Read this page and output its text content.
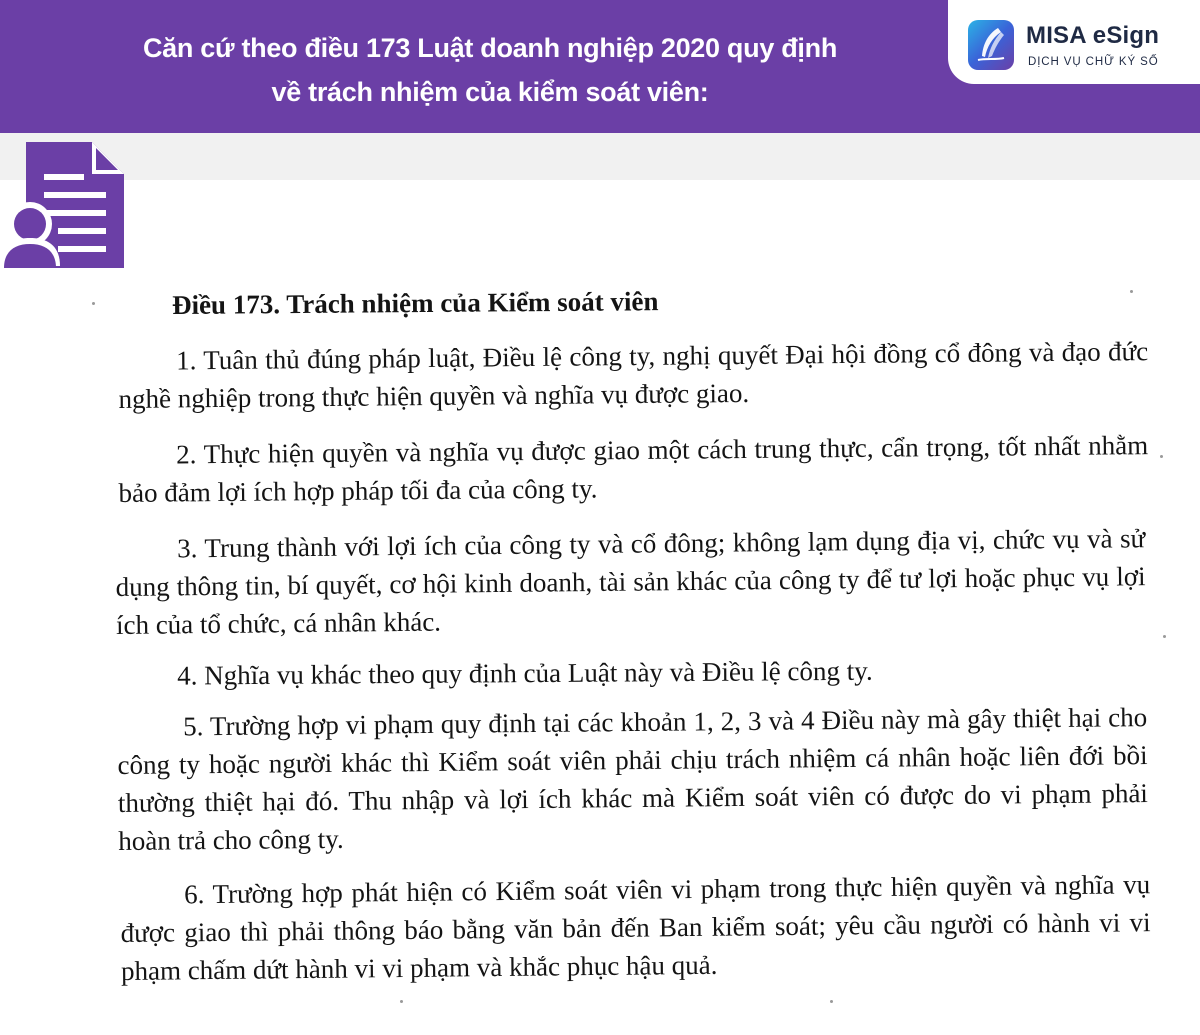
Căn cứ theo điều 173 Luật doanh nghiệp 2020 quy định
về trách nhiệm của kiểm soát viên:
MISA eSign
DỊCH VỤ CHỮ KÝ SỐ
Điều 173. Trách nhiệm của Kiểm soát viên
1. Tuân thủ đúng pháp luật, Điều lệ công ty, nghị quyết Đại hội đồng cổ đông và đạo đức nghề nghiệp trong thực hiện quyền và nghĩa vụ được giao.
2. Thực hiện quyền và nghĩa vụ được giao một cách trung thực, cẩn trọng, tốt nhất nhằm bảo đảm lợi ích hợp pháp tối đa của công ty.
3. Trung thành với lợi ích của công ty và cổ đông; không lạm dụng địa vị, chức vụ và sử dụng thông tin, bí quyết, cơ hội kinh doanh, tài sản khác của công ty để tư lợi hoặc phục vụ lợi ích của tổ chức, cá nhân khác.
4. Nghĩa vụ khác theo quy định của Luật này và Điều lệ công ty.
5. Trường hợp vi phạm quy định tại các khoản 1, 2, 3 và 4 Điều này mà gây thiệt hại cho công ty hoặc người khác thì Kiểm soát viên phải chịu trách nhiệm cá nhân hoặc liên đới bồi thường thiệt hại đó. Thu nhập và lợi ích khác mà Kiểm soát viên có được do vi phạm phải hoàn trả cho công ty.
6. Trường hợp phát hiện có Kiểm soát viên vi phạm trong thực hiện quyền và nghĩa vụ được giao thì phải thông báo bằng văn bản đến Ban kiểm soát; yêu cầu người có hành vi vi phạm chấm dứt hành vi vi phạm và khắc phục hậu quả.
